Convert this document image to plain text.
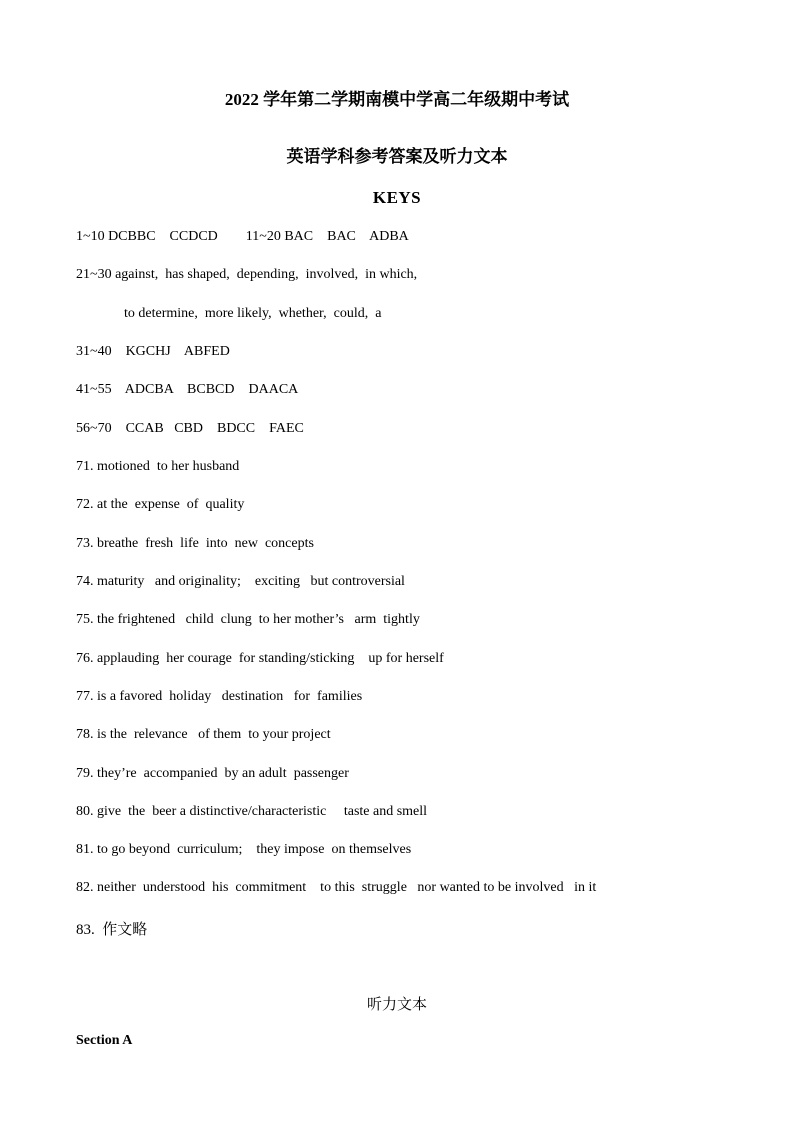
2022 学年第二学期南模中学高二年级期中考试
英语学科参考答案及听力文本
KEYS
1~10 DCBBC    CCDCD        11~20 BAC    BAC    ADBA
21~30 against,  has shaped,  depending,  involved,  in which,
to determine,  more likely,  whether,  could,  a
31~40    KGCHJ    ABFED
41~55    ADCBA    BCBCD    DAACA
56~70    CCAB   CBD    BDCC    FAEC
71. motioned  to her husband
72. at the  expense  of  quality
73. breathe  fresh  life  into  new  concepts
74. maturity   and originality;    exciting   but controversial
75. the frightened   child  clung  to her mother’s   arm  tightly
76. applauding  her courage  for standing/sticking    up for herself
77. is a favored  holiday   destination   for  families
78. is the  relevance   of them  to your project
79. they’re  accompanied  by an adult  passenger
80. give  the  beer a distinctive/characteristic     taste and smell
81. to go beyond  curriculum;    they impose  on themselves
82. neither  understood  his  commitment    to this  struggle   nor wanted to be involved   in it
83.  作文略
听力文本
Section A
